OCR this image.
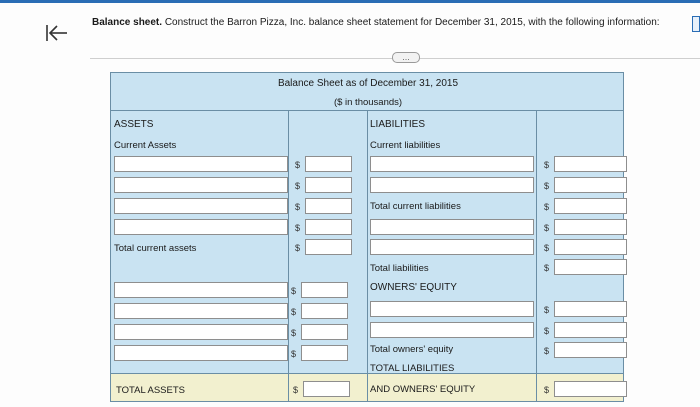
Balance sheet. Construct the Barron Pizza, Inc. balance sheet statement for December 31, 2015, with the following information:
…
Balance Sheet as of December 31, 2015
($ in thousands)
ASSETS
Current Assets
$
$
$
$
Total current assets	$
$
$
$
$
TOTAL ASSETS	$
LIABILITIES
Current liabilities
Total current liabilities
Total liabilities
OWNERS' EQUITY
Total owners' equity
TOTAL LIABILITIES
AND OWNERS' EQUITY
$
$
$
$
$
$
$
$
$
$
